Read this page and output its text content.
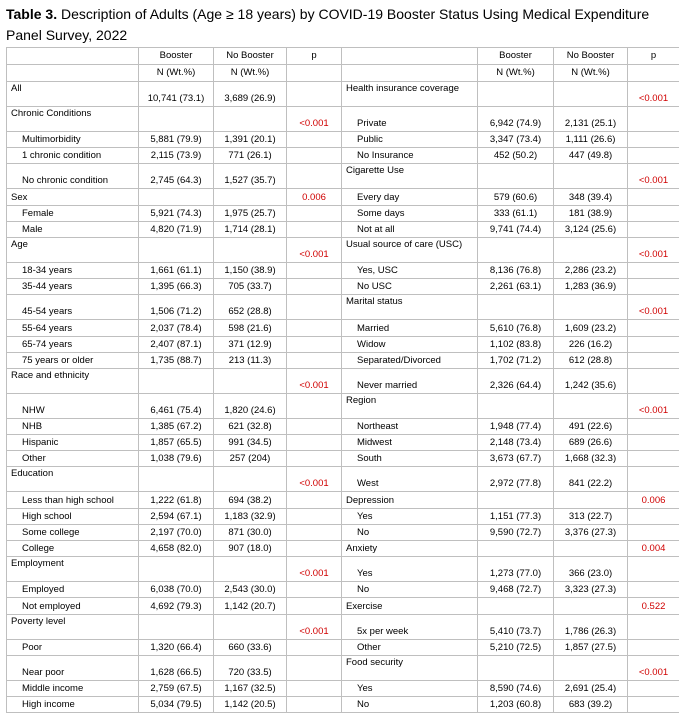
Table 3. Description of Adults (Age ≥ 18 years) by COVID-19 Booster Status Using Medical Expenditure Panel Survey, 2022
	Booster	No Booster	p		Booster	No Booster	p
	N (Wt.%)	N (Wt.%)			N (Wt.%)	N (Wt.%)	
All	10,741 (73.1)	3,689 (26.9)		Health insurance coverage			<0.001
Chronic Conditions			<0.001	Private	6,942 (74.9)	2,131 (25.1)	
Multimorbidity	5,881 (79.9)	1,391 (20.1)		Public	3,347 (73.4)	1,111 (26.6)	
1 chronic condition	2,115 (73.9)	771 (26.1)		No Insurance	452 (50.2)	447 (49.8)	
No chronic condition	2,745 (64.3)	1,527 (35.7)		Cigarette Use			<0.001
Sex			0.006	Every day	579 (60.6)	348 (39.4)	
Female	5,921 (74.3)	1,975 (25.7)		Some days	333 (61.1)	181 (38.9)	
Male	4,820 (71.9)	1,714 (28.1)		Not at all	9,741 (74.4)	3,124 (25.6)	
Age			<0.001	Usual source of care (USC)			<0.001
18-34 years	1,661 (61.1)	1,150 (38.9)		Yes, USC	8,136 (76.8)	2,286 (23.2)	
35-44 years	1,395 (66.3)	705 (33.7)		No USC	2,261 (63.1)	1,283 (36.9)	
45-54 years	1,506 (71.2)	652 (28.8)		Marital status			<0.001
55-64 years	2,037 (78.4)	598 (21.6)		Married	5,610 (76.8)	1,609 (23.2)	
65-74 years	2,407 (87.1)	371 (12.9)		Widow	1,102 (83.8)	226 (16.2)	
75 years or older	1,735 (88.7)	213 (11.3)		Separated/Divorced	1,702 (71.2)	612 (28.8)	
Race and ethnicity			<0.001	Never married	2,326 (64.4)	1,242 (35.6)	
NHW	6,461 (75.4)	1,820 (24.6)		Region			<0.001
NHB	1,385 (67.2)	621 (32.8)		Northeast	1,948 (77.4)	491 (22.6)	
Hispanic	1,857 (65.5)	991 (34.5)		Midwest	2,148 (73.4)	689 (26.6)	
Other	1,038 (79.6)	257 (204)		South	3,673 (67.7)	1,668 (32.3)	
Education			<0.001	West	2,972 (77.8)	841 (22.2)	
Less than high school	1,222 (61.8)	694 (38.2)		Depression			0.006
High school	2,594 (67.1)	1,183 (32.9)		Yes	1,151 (77.3)	313 (22.7)	
Some college	2,197 (70.0)	871 (30.0)		No	9,590 (72.7)	3,376 (27.3)	
College	4,658 (82.0)	907 (18.0)		Anxiety			0.004
Employment			<0.001	Yes	1,273 (77.0)	366 (23.0)	
Employed	6,038 (70.0)	2,543 (30.0)		No	9,468 (72.7)	3,323 (27.3)	
Not employed	4,692 (79.3)	1,142 (20.7)		Exercise			0.522
Poverty level			<0.001	5x per week	5,410 (73.7)	1,786 (26.3)	
Poor	1,320 (66.4)	660 (33.6)		Other	5,210 (72.5)	1,857 (27.5)	
Near poor	1,628 (66.5)	720 (33.5)		Food security			<0.001
Middle income	2,759 (67.5)	1,167 (32.5)		Yes	8,590 (74.6)	2,691 (25.4)	
High income	5,034 (79.5)	1,142 (20.5)		No	1,203 (60.8)	683 (39.2)	
